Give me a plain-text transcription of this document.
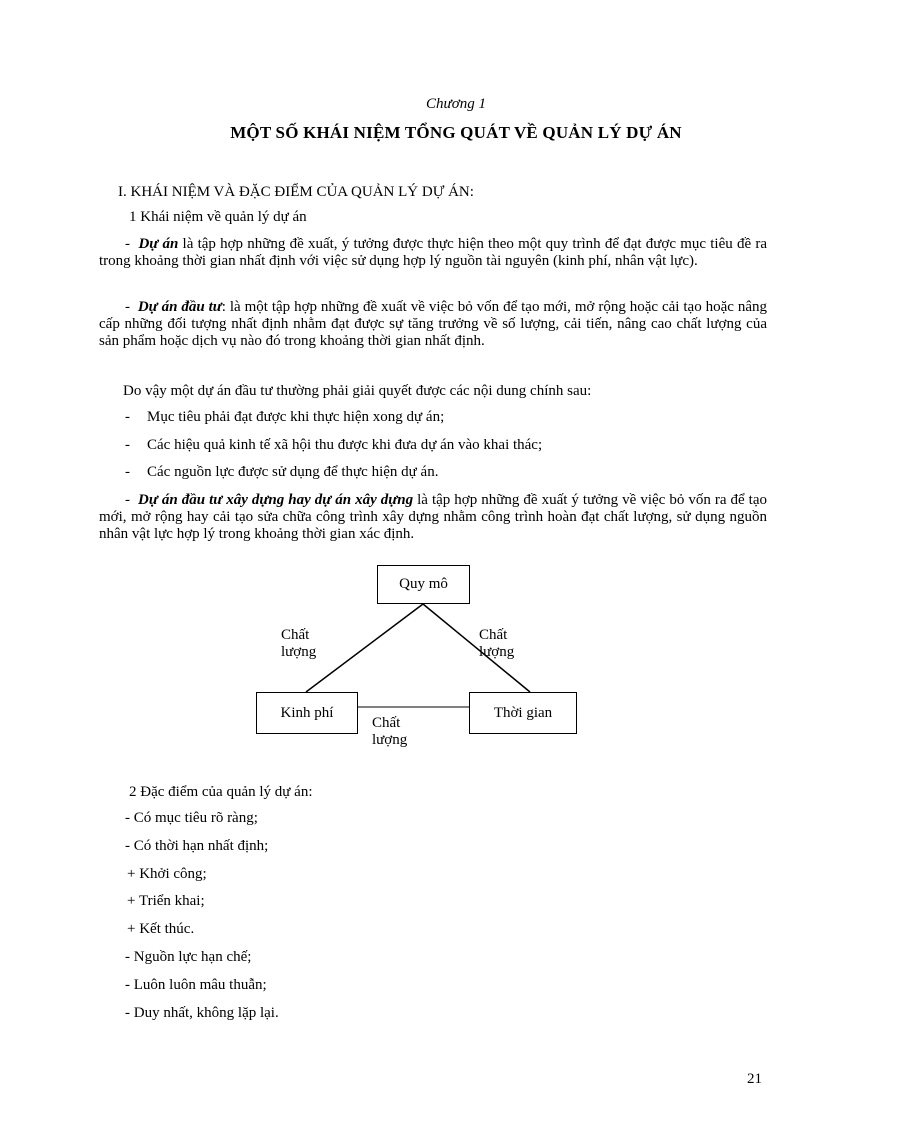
Chương 1
MỘT SỐ KHÁI NIỆM TỔNG QUÁT VỀ QUẢN LÝ DỰ ÁN
I. KHÁI NIỆM VÀ ĐẶC ĐIỂM CỦA QUẢN LÝ DỰ ÁN:
1 Khái niệm về quản lý dự án
- Dự án là tập hợp những đề xuất, ý tưởng được thực hiện theo một quy trình để đạt được mục tiêu đề ra trong khoảng thời gian nhất định với việc sử dụng hợp lý nguồn tài nguyên (kinh phí, nhân vật lực).
- Dự án đầu tư: là một tập hợp những đề xuất về việc bỏ vốn để tạo mới, mở rộng hoặc cải tạo hoặc nâng cấp những đối tượng nhất định nhằm đạt được sự tăng trưởng về số lượng, cải tiến, nâng cao chất lượng của sản phẩm hoặc dịch vụ nào đó trong khoảng thời gian nhất định.
Do vậy một dự án đầu tư thường phải giải quyết được các nội dung chính sau:
- Mục tiêu phải đạt được khi thực hiện xong dự án;
- Các hiệu quả kinh tế xã hội thu được khi đưa dự án vào khai thác;
- Các nguồn lực được sử dụng để thực hiện dự án.
- Dự án đầu tư xây dựng hay dự án xây dựng là tập hợp những đề xuất ý tưởng về việc bỏ vốn ra để tạo mới, mở rộng hay cải tạo sửa chữa công trình xây dựng nhằm công trình hoàn đạt chất lượng, sử dụng nguồn nhân vật lực hợp lý trong khoảng thời gian xác định.
Quy mô
Kinh phí	Thời gian
Chất lượng
Chất lượng
Chất lượng
2 Đặc điểm của quản lý dự án:
- Có mục tiêu rõ ràng;
- Có thời hạn nhất định;
+ Khởi công;
+ Triển khai;
+ Kết thúc.
- Nguồn lực hạn chế;
- Luôn luôn mâu thuẫn;
- Duy nhất, không lặp lại.
21
